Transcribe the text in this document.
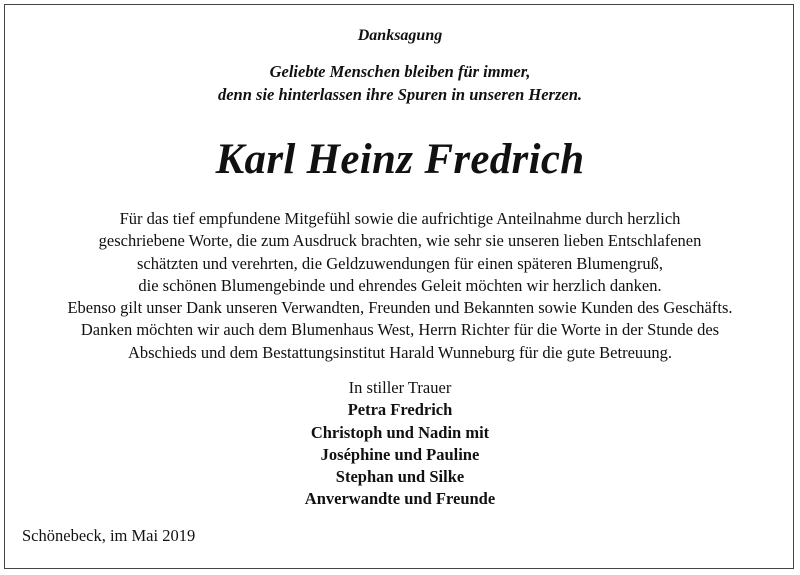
Danksagung
Geliebte Menschen bleiben für immer,
denn sie hinterlassen ihre Spuren in unseren Herzen.
Karl Heinz Fredrich
Für das tief empfundene Mitgefühl sowie die aufrichtige Anteilnahme durch herzlich
geschriebene Worte, die zum Ausdruck brachten, wie sehr sie unseren lieben Entschlafenen
schätzten und verehrten, die Geldzuwendungen für einen späteren Blumengruß,
die schönen Blumengebinde und ehrendes Geleit möchten wir herzlich danken.
Ebenso gilt unser Dank unseren Verwandten, Freunden und Bekannten sowie Kunden des Geschäfts.
Danken möchten wir auch dem Blumenhaus West, Herrn Richter für die Worte in der Stunde des
Abschieds und dem Bestattungsinstitut Harald Wunneburg für die gute Betreuung.
In stiller Trauer
Petra Fredrich
Christoph und Nadin mit
Joséphine und Pauline
Stephan und Silke
Anverwandte und Freunde
Schönebeck, im Mai 2019
